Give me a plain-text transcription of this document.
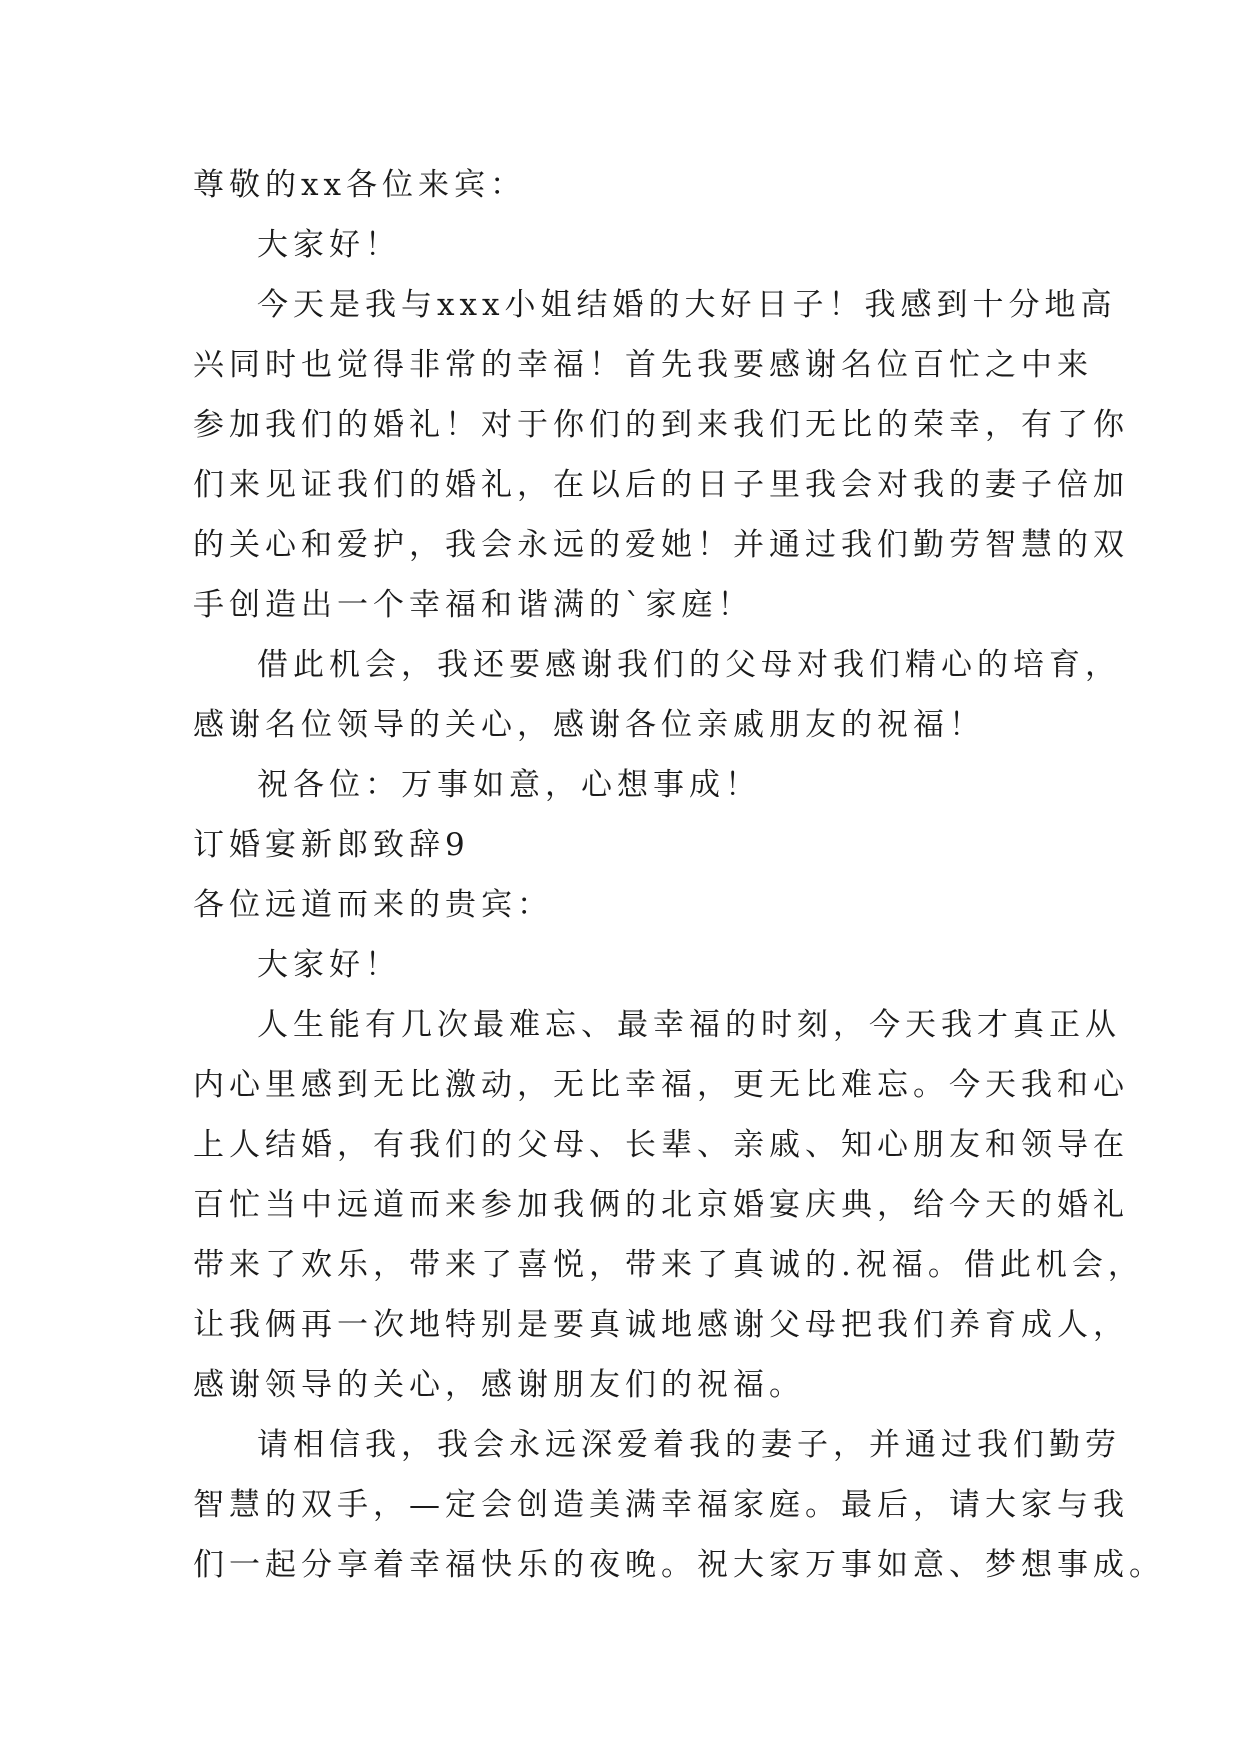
尊敬的xx各位来宾：
大家好！
今天是我与xxx小姐结婚的大好日子！我感到十分地高
兴同时也觉得非常的幸福！首先我要感谢名位百忙之中来
参加我们的婚礼！对于你们的到来我们无比的荣幸，有了你
们来见证我们的婚礼，在以后的日子里我会对我的妻子倍加
的关心和爱护，我会永远的爱她！并通过我们勤劳智慧的双
手创造出一个幸福和谐满的`家庭！
借此机会，我还要感谢我们的父母对我们精心的培育，
感谢名位领导的关心，感谢各位亲戚朋友的祝福！
祝各位：万事如意，心想事成！
订婚宴新郎致辞9
各位远道而来的贵宾：
大家好！
人生能有几次最难忘、最幸福的时刻，今天我才真正从
内心里感到无比激动，无比幸福，更无比难忘。今天我和心
上人结婚，有我们的父母、长辈、亲戚、知心朋友和领导在
百忙当中远道而来参加我俩的北京婚宴庆典，给今天的婚礼
带来了欢乐，带来了喜悦，带来了真诚的.祝福。借此机会，
让我俩再一次地特别是要真诚地感谢父母把我们养育成人，
感谢领导的关心，感谢朋友们的祝福。
请相信我，我会永远深爱着我的妻子，并通过我们勤劳
智慧的双手，—定会创造美满幸福家庭。最后，请大家与我
们一起分享着幸福快乐的夜晚。祝大家万事如意、梦想事成。
